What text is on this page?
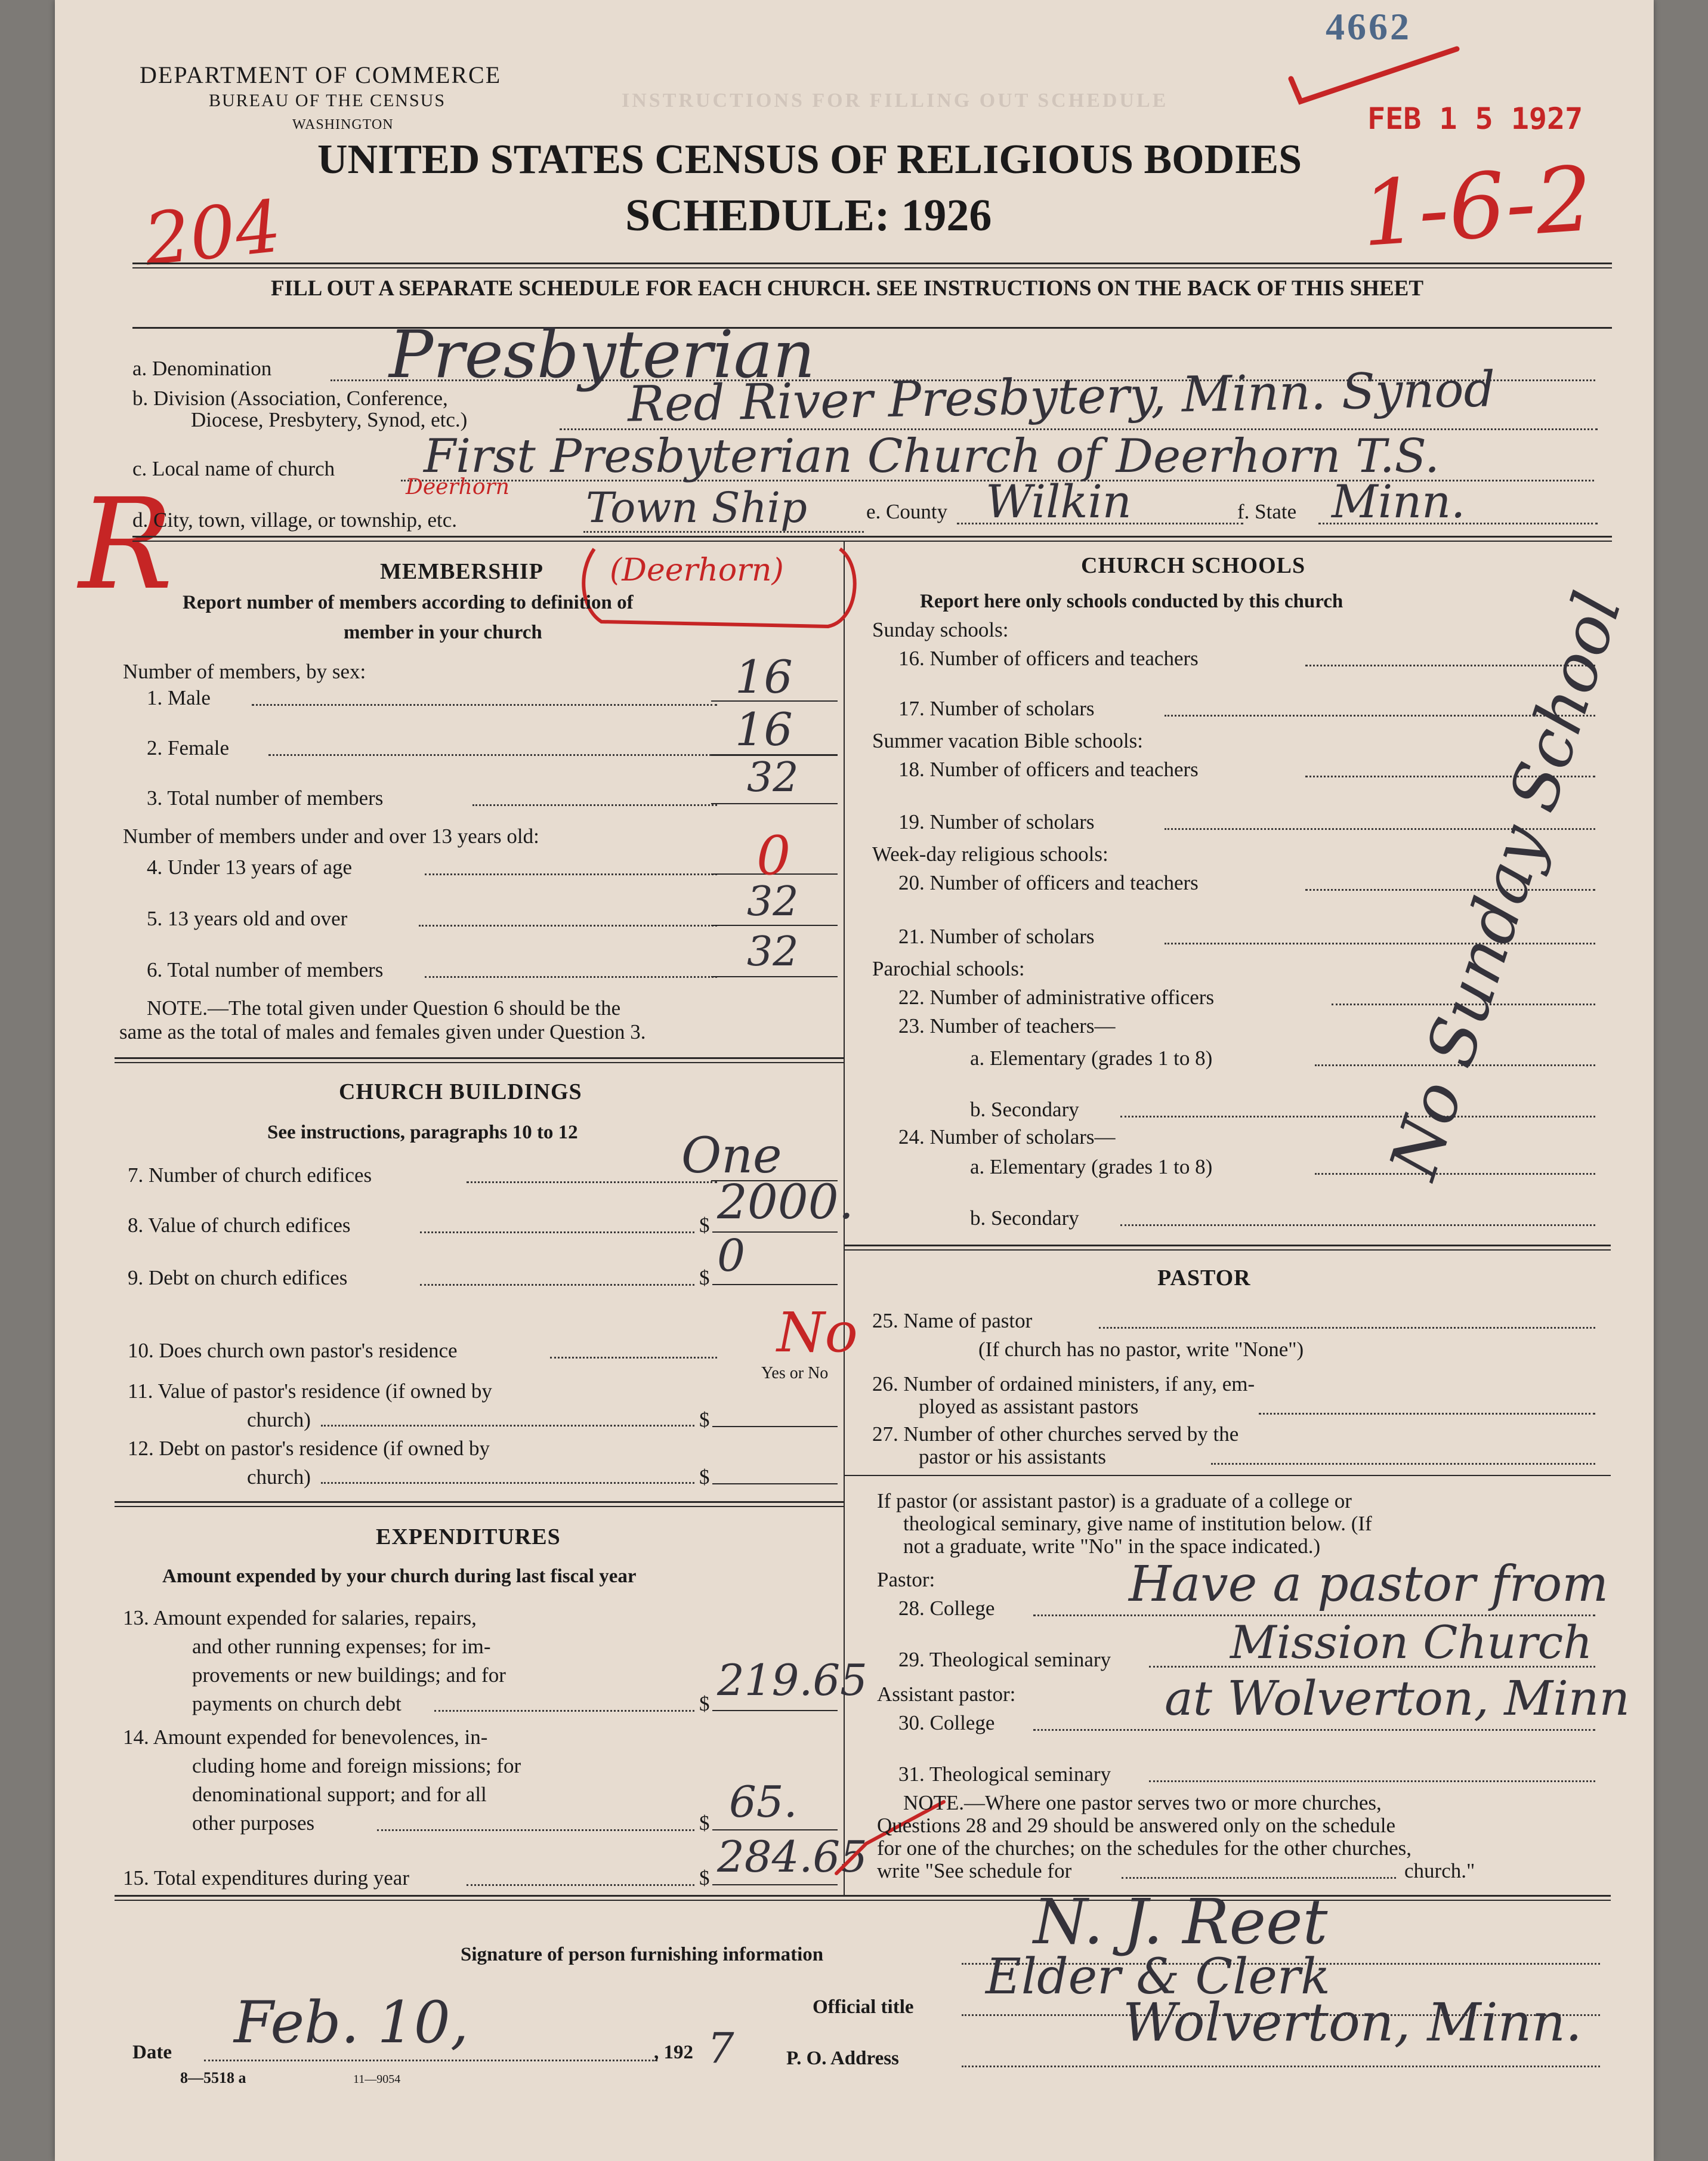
INSTRUCTIONS FOR FILLING OUT SCHEDULE
4662
DEPARTMENT OF COMMERCE
BUREAU OF THE CENSUS
WASHINGTON	FEB 1 5 1927
UNITED STATES CENSUS OF RELIGIOUS BODIES
204	SCHEDULE: 1926	1-6-2
FILL OUT A SEPARATE SCHEDULE FOR EACH CHURCH. SEE INSTRUCTIONS ON THE BACK OF THIS SHEET
a. Denomination Presbyterian
b. Division (Association, Conference,
Diocese, Presbytery, Synod, etc.)	Red River Presbytery, Minn. Synod
c. Local name of church First Presbyterian Church of Deerhorn T.S.
Deerhorn
R
d. City, town, village, or township, etc.	Town Ship	e. County Wilkin	f. State Minn.
MEMBERSHIP (Deerhorn)
Report number of members according to definition of
member in your church
Number of members, by sex:
1. Male	16
2. Female	16
3. Total number of members	32
Number of members under and over 13 years old:
4. Under 13 years of age	0
5. 13 years old and over	32
6. Total number of members	32
NOTE.—The total given under Question 6 should be the
same as the total of males and females given under Question 3.
CHURCH BUILDINGS
See instructions, paragraphs 10 to 12
7. Number of church edifices	One
8. Value of church edifices	$ 2000.
9. Debt on church edifices	$ 0
10. Does church own pastor's residence
Yes or No
No
11. Value of pastor's residence (if owned by
church)	$
12. Debt on pastor's residence (if owned by
church)	$
EXPENDITURES
Amount expended by your church during last fiscal year
13. Amount expended for salaries, repairs,
and other running expenses; for im-
provements or new buildings; and for
payments on church debt	$ 219.65
14. Amount expended for benevolences, in-
cluding home and foreign missions; for
denominational support; and for all
other purposes	$ 65.
15. Total expenditures during year	$ 284.65
CHURCH SCHOOLS
Report here only schools conducted by this church
Sunday schools:
16. Number of officers and teachers
17. Number of scholars
Summer vacation Bible schools:
18. Number of officers and teachers
19. Number of scholars
Week-day religious schools:
20. Number of officers and teachers
21. Number of scholars
Parochial schools:
22. Number of administrative officers
23. Number of teachers—
a. Elementary (grades 1 to 8)
b. Secondary
24. Number of scholars—
a. Elementary (grades 1 to 8)
b. Secondary
No Sunday School
PASTOR
25. Name of pastor
(If church has no pastor, write "None")
26. Number of ordained ministers, if any, em-
ployed as assistant pastors
27. Number of other churches served by the
pastor or his assistants
If pastor (or assistant pastor) is a graduate of a college or
theological seminary, give name of institution below. (If
not a graduate, write "No" in the space indicated.)
Pastor:
28. College	Have a pastor from
29. Theological seminary	Mission Church
Assistant pastor:
30. College	at Wolverton, Minn
31. Theological seminary
NOTE.—Where one pastor serves two or more churches,
Questions 28 and 29 should be answered only on the schedule
for one of the churches; on the schedules for the other churches,
write "See schedule for	church."
Signature of person furnishing information	N. J. Reet
Official title
Elder & Clerk
Date Feb. 10,	, 192 7	P. O. Address
Wolverton, Minn.
8—5518 a	11—9054
